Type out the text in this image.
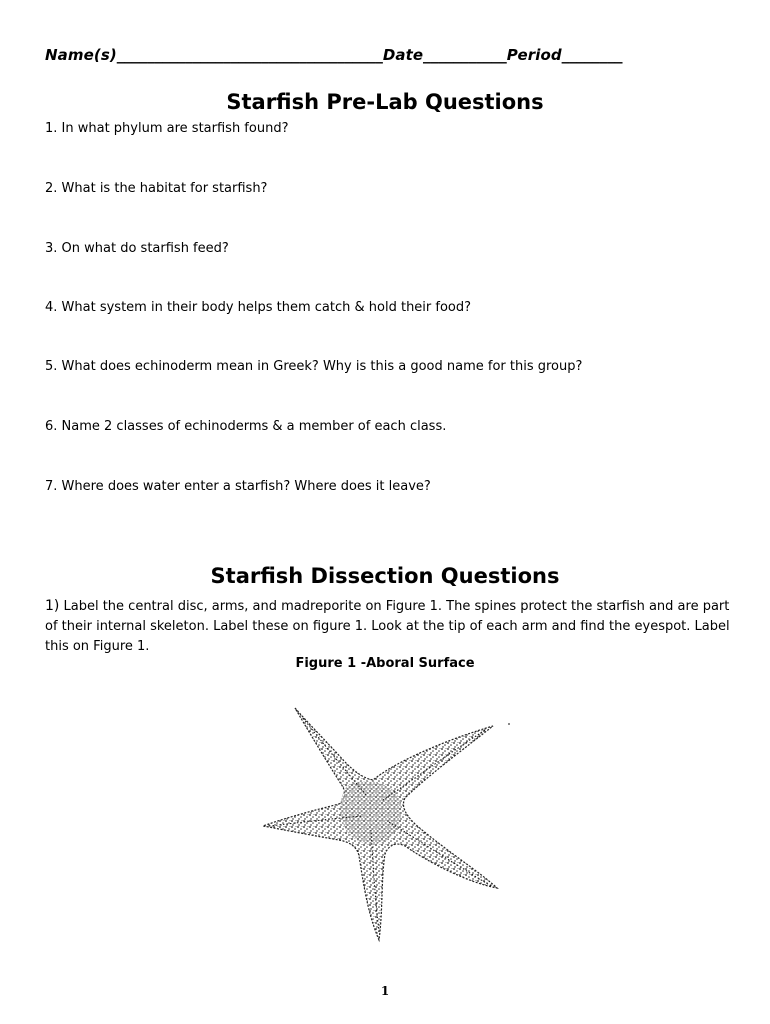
Name(s)___________________________________Date___________Period________
Starfish Pre-Lab Questions
1. In what phylum are starfish found?
2. What is the habitat for starfish?
3. On what do starfish feed?
4. What system in their body helps them catch & hold their food?
5. What does echinoderm mean in Greek? Why is this a good name for this group?
6. Name 2 classes of echinoderms & a member of each class.
7. Where does water enter a starfish? Where does it leave?
Starfish Dissection Questions
1) Label the central disc, arms, and madreporite on Figure 1. The spines protect the starfish and are part of their internal skeleton. Label these on figure 1. Look at the tip of each arm and find the eyespot. Label this on Figure 1.
Figure 1 -Aboral Surface
1
